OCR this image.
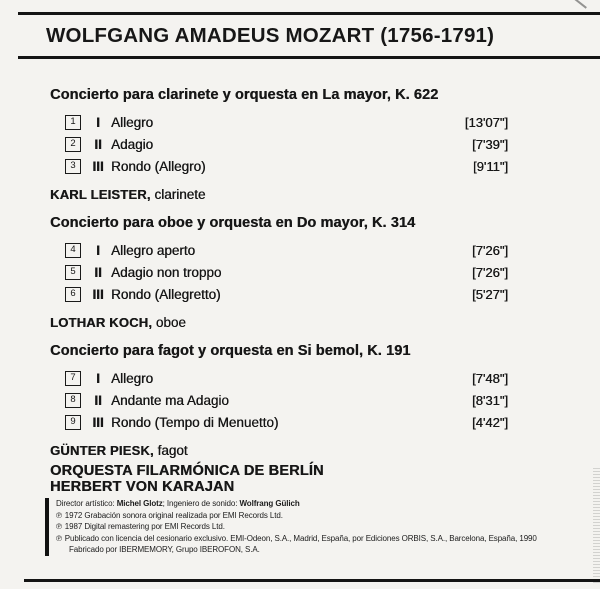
WOLFGANG AMADEUS MOZART (1756-1791)
Concierto para clarinete y orquesta en La mayor, K. 622
1	I Allegro	[13'07"]
2	II Adagio	[7'39"]
3	III Rondo (Allegro)	[9'11"]
KARL LEISTER, clarinete
Concierto para oboe y orquesta en Do mayor, K. 314
4	I Allegro aperto	[7'26"]
5	II Adagio non troppo	[7'26"]
6	III Rondo (Allegretto)	[5'27"]
LOTHAR KOCH, oboe
Concierto para fagot y orquesta en Si bemol, K. 191
7	I Allegro	[7'48"]
8	II Andante ma Adagio	[8'31"]
9	III Rondo (Tempo di Menuetto)	[4'42"]
GÜNTER PIESK, fagot
ORQUESTA FILARMÓNICA DE BERLÍN
HERBERT VON KARAJAN
Director artístico: Michel Glotz; Ingeniero de sonido: Wolfrang Gülich
℗ 1972 Grabación sonora original realizada por EMI Records Ltd.
℗ 1987 Digital remastering por EMI Records Ltd.
℗ Publicado con licencia del cesionario exclusivo. EMI-Odeon, S.A., Madrid, España, por Ediciones ORBIS, S.A., Barcelona, España, 1990
Fabricado por IBERMEMORY, Grupo IBEROFON, S.A.
